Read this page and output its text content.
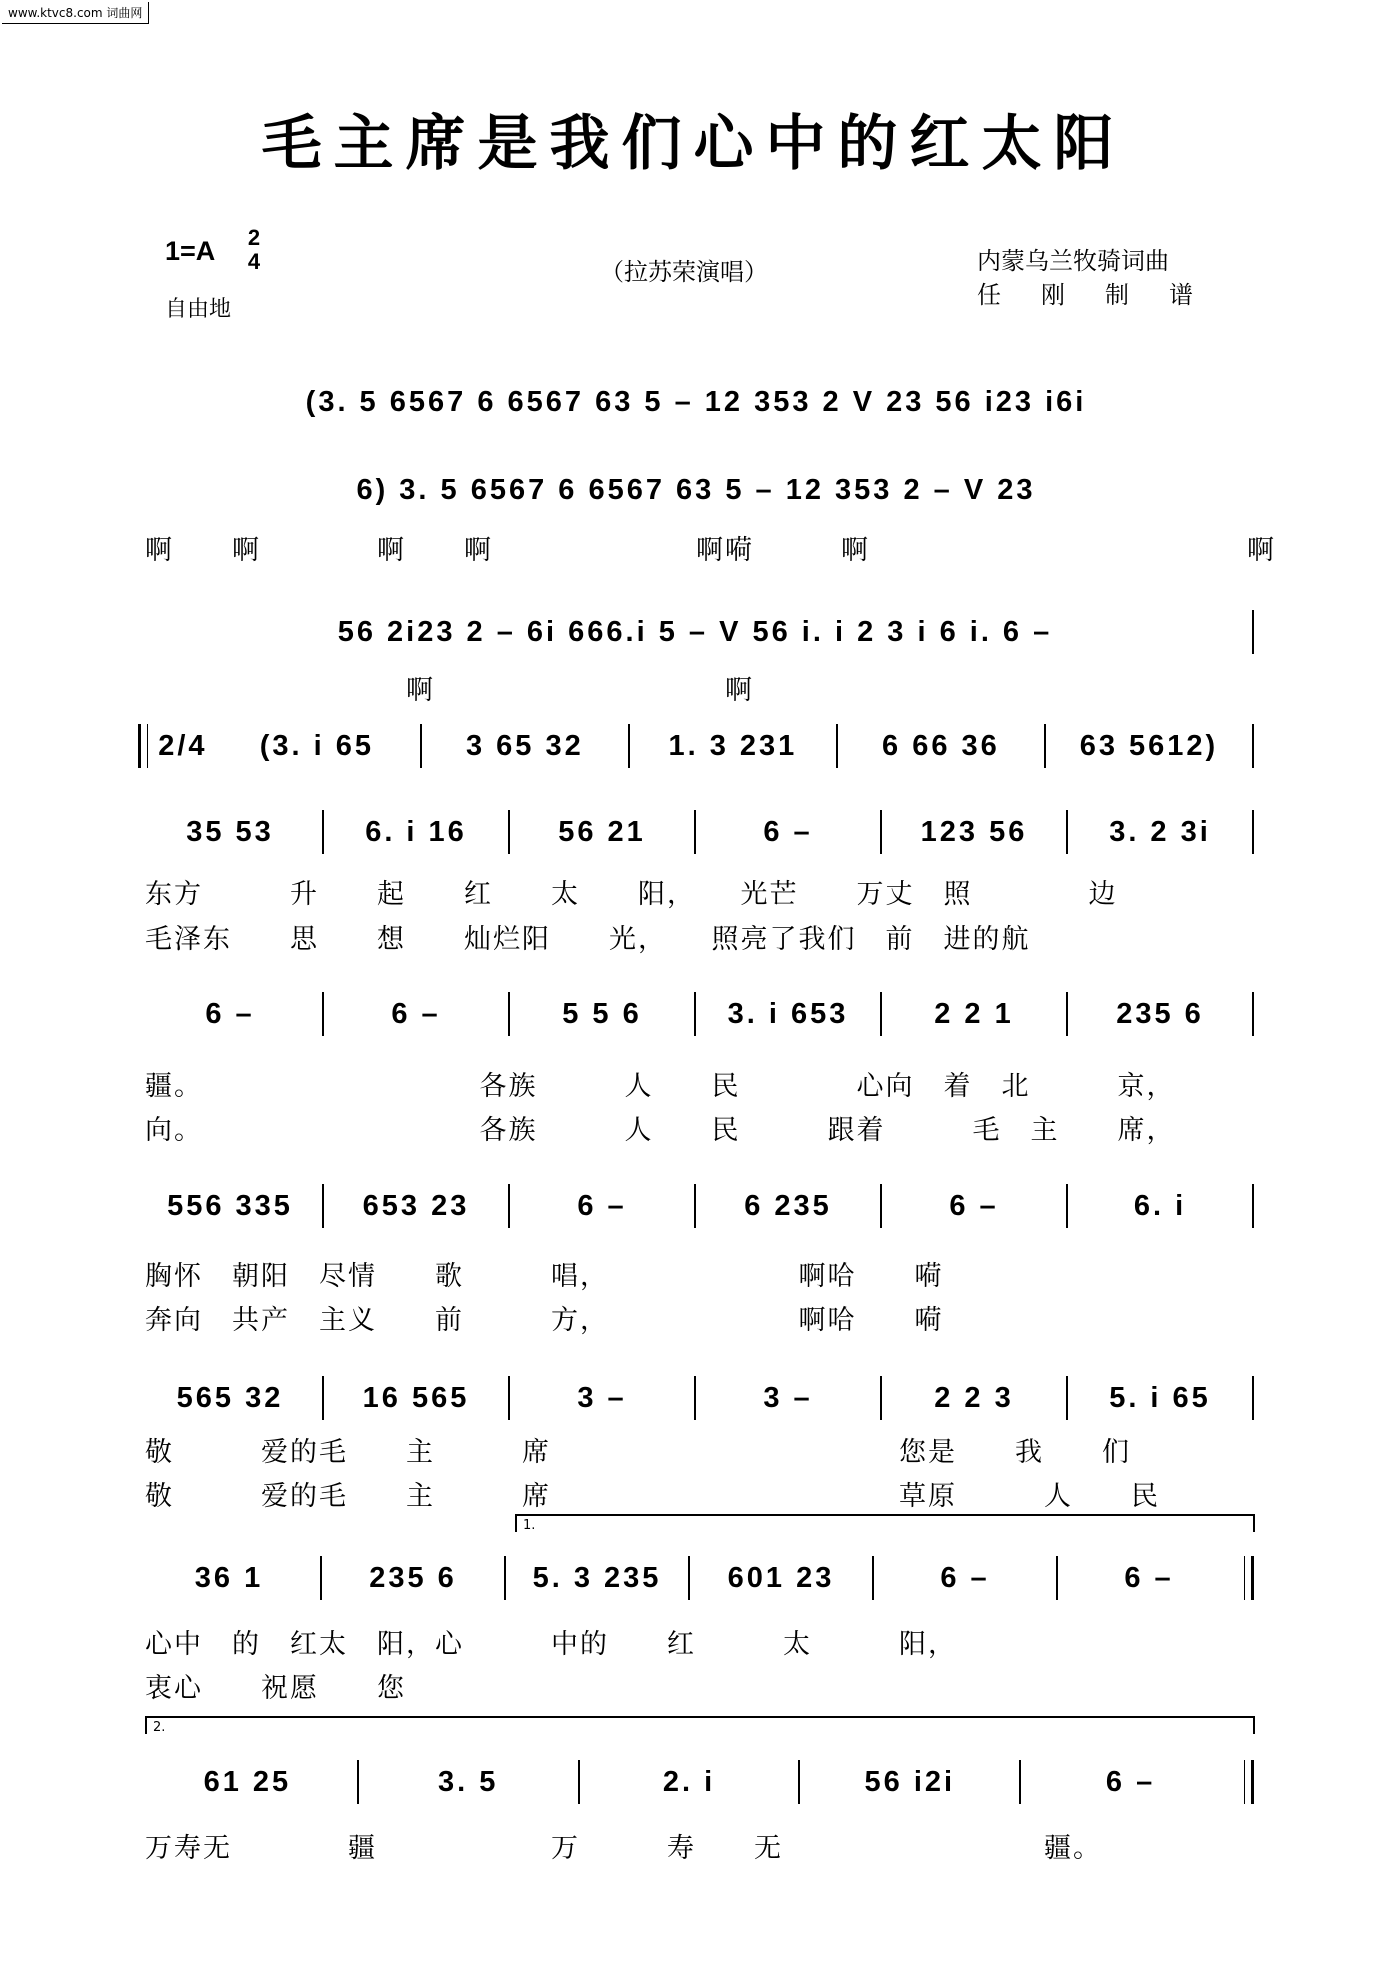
www.ktvc8.com 词曲网
毛主席是我们心中的红太阳
1=A 2
4
自由地
（拉苏荣演唱）	内蒙乌兰牧骑词曲
任刚制谱
(3. 5 6567 6 6567 63 5 – 12 353 2 V 23 56 i23 i6i
6) 3. 5 6567 6 6567 63 5 – 12 353 2 – V 23
啊　　啊　　　　啊　　啊　　　　　　　啊嗬　　　啊　　　　　　　　　　　　　啊
56 2i23 2 – 6i 666.i 5 – V 56 i. i 2 3 i 6 i. 6 –
　　　　　　　　　啊　　　　　　　　　　啊
2/4	(3. i 65	3 65 32	1. 3 231	6 66 36	63 5612)
35 53	6. i 16	56 21	6 –	123 56	3. 2 3i
东方　　　升　　起　　红　　太　　阳，　　光芒　　万丈　照　　　　边
毛泽东　　思　　想　　灿烂阳　　光，　　照亮了我们　前　进的航
6 –	6 –	5 5 6	3. i 653	2 2 1	235 6
疆。　　　　　　　　　　各族　　　人　　民　　　　心向　着　北　　　京，
向。　　　　　　　　　　各族　　　人　　民　　　跟着　　　毛　主　　席，
556 335	653 23	6 –	6 235	6 –	6. i
胸怀　朝阳　尽情　　歌　　　唱，　　　　　　　啊哈　　嗬
奔向　共产　主义　　前　　　方，　　　　　　　啊哈　　嗬
565 32	16 565	3 –	3 –	2 2 3	5. i 65
敬　　　爱的毛　　主　　　席　　　　　　　　　　　　您是　　我　　们
敬　　　爱的毛　　主　　　席　　　　　　　　　　　　草原　　　人　　民
1.
36 1	235 6	5. 3 235	601 23	6 –	6 –
心中　的　红太　阳，心　　　中的　　红　　　太　　　阳，
衷心　　祝愿　　您
2.
61 25	3. 5	2. i	56 i2i	6 –
万寿无　　　　疆　　　　　　万　　　寿　　无　　　　　　　　　疆。
